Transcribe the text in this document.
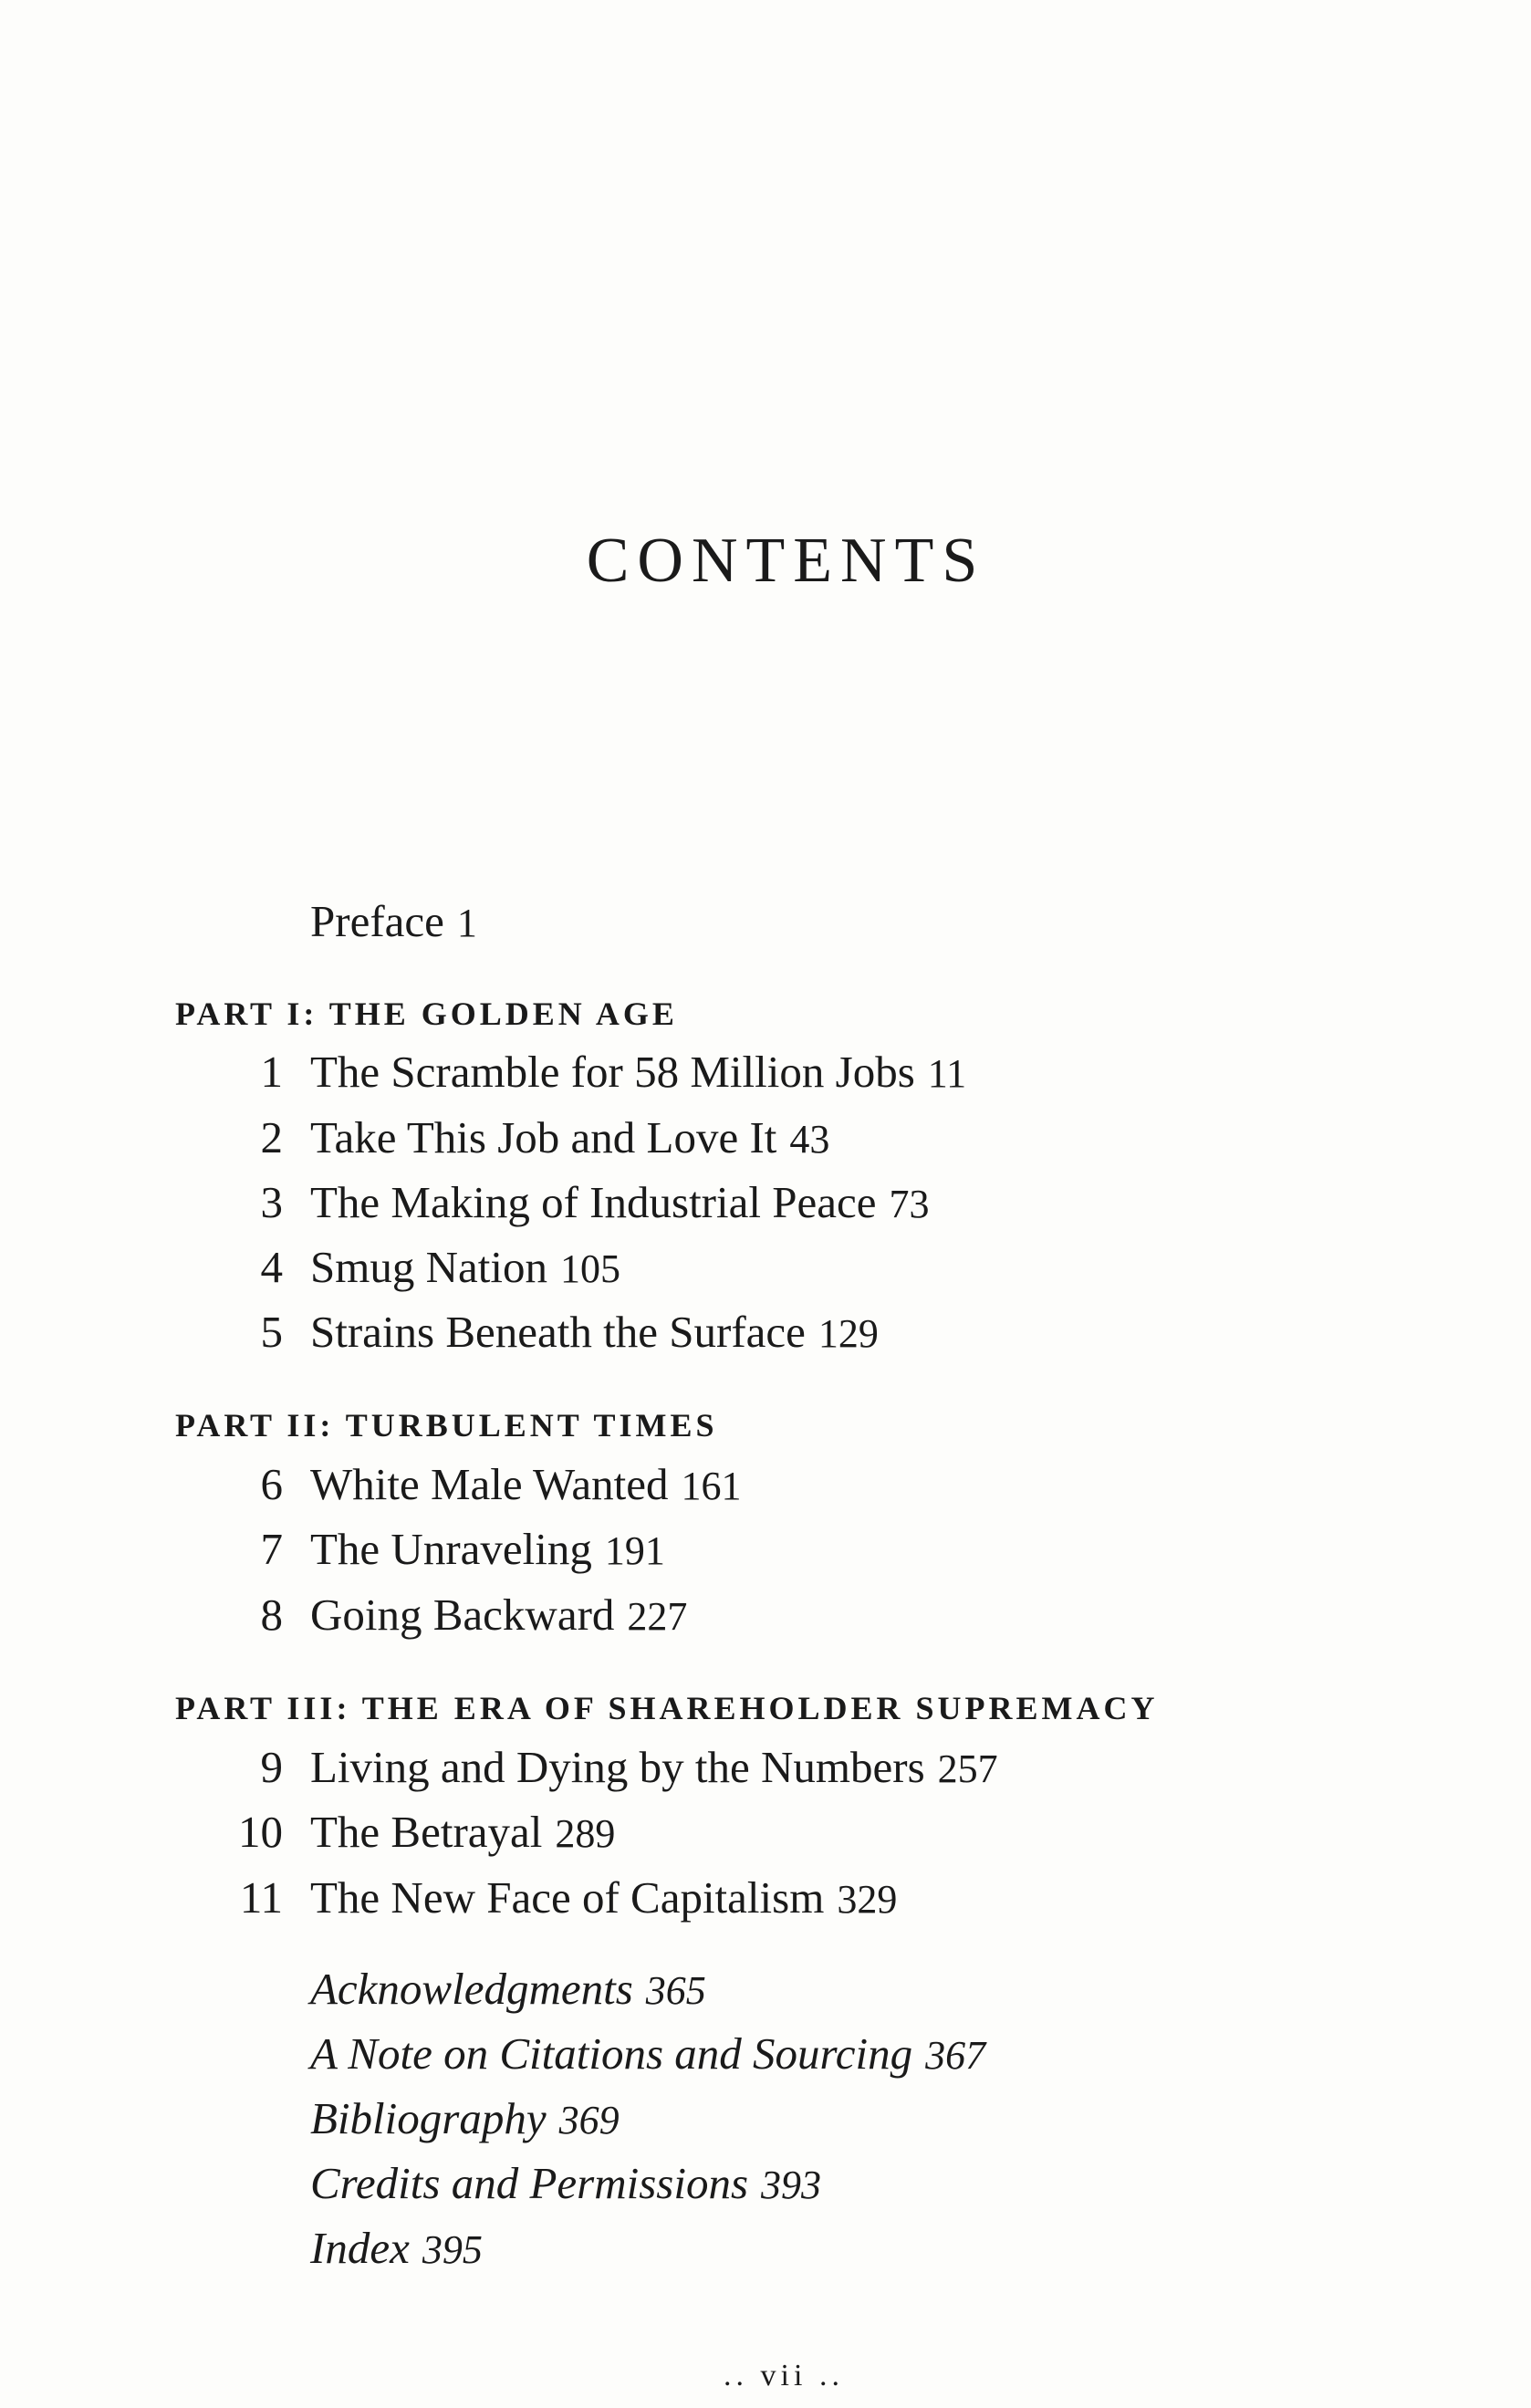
CONTENTS
Preface 1
PART I: THE GOLDEN AGE
1 The Scramble for 58 Million Jobs 11
2 Take This Job and Love It 43
3 The Making of Industrial Peace 73
4 Smug Nation 105
5 Strains Beneath the Surface 129
PART II: TURBULENT TIMES
6 White Male Wanted 161
7 The Unraveling 191
8 Going Backward 227
PART III: THE ERA OF SHAREHOLDER SUPREMACY
9 Living and Dying by the Numbers 257
10 The Betrayal 289
11 The New Face of Capitalism 329
Acknowledgments 365
A Note on Citations and Sourcing 367
Bibliography 369
Credits and Permissions 393
Index 395
.. vii ..
